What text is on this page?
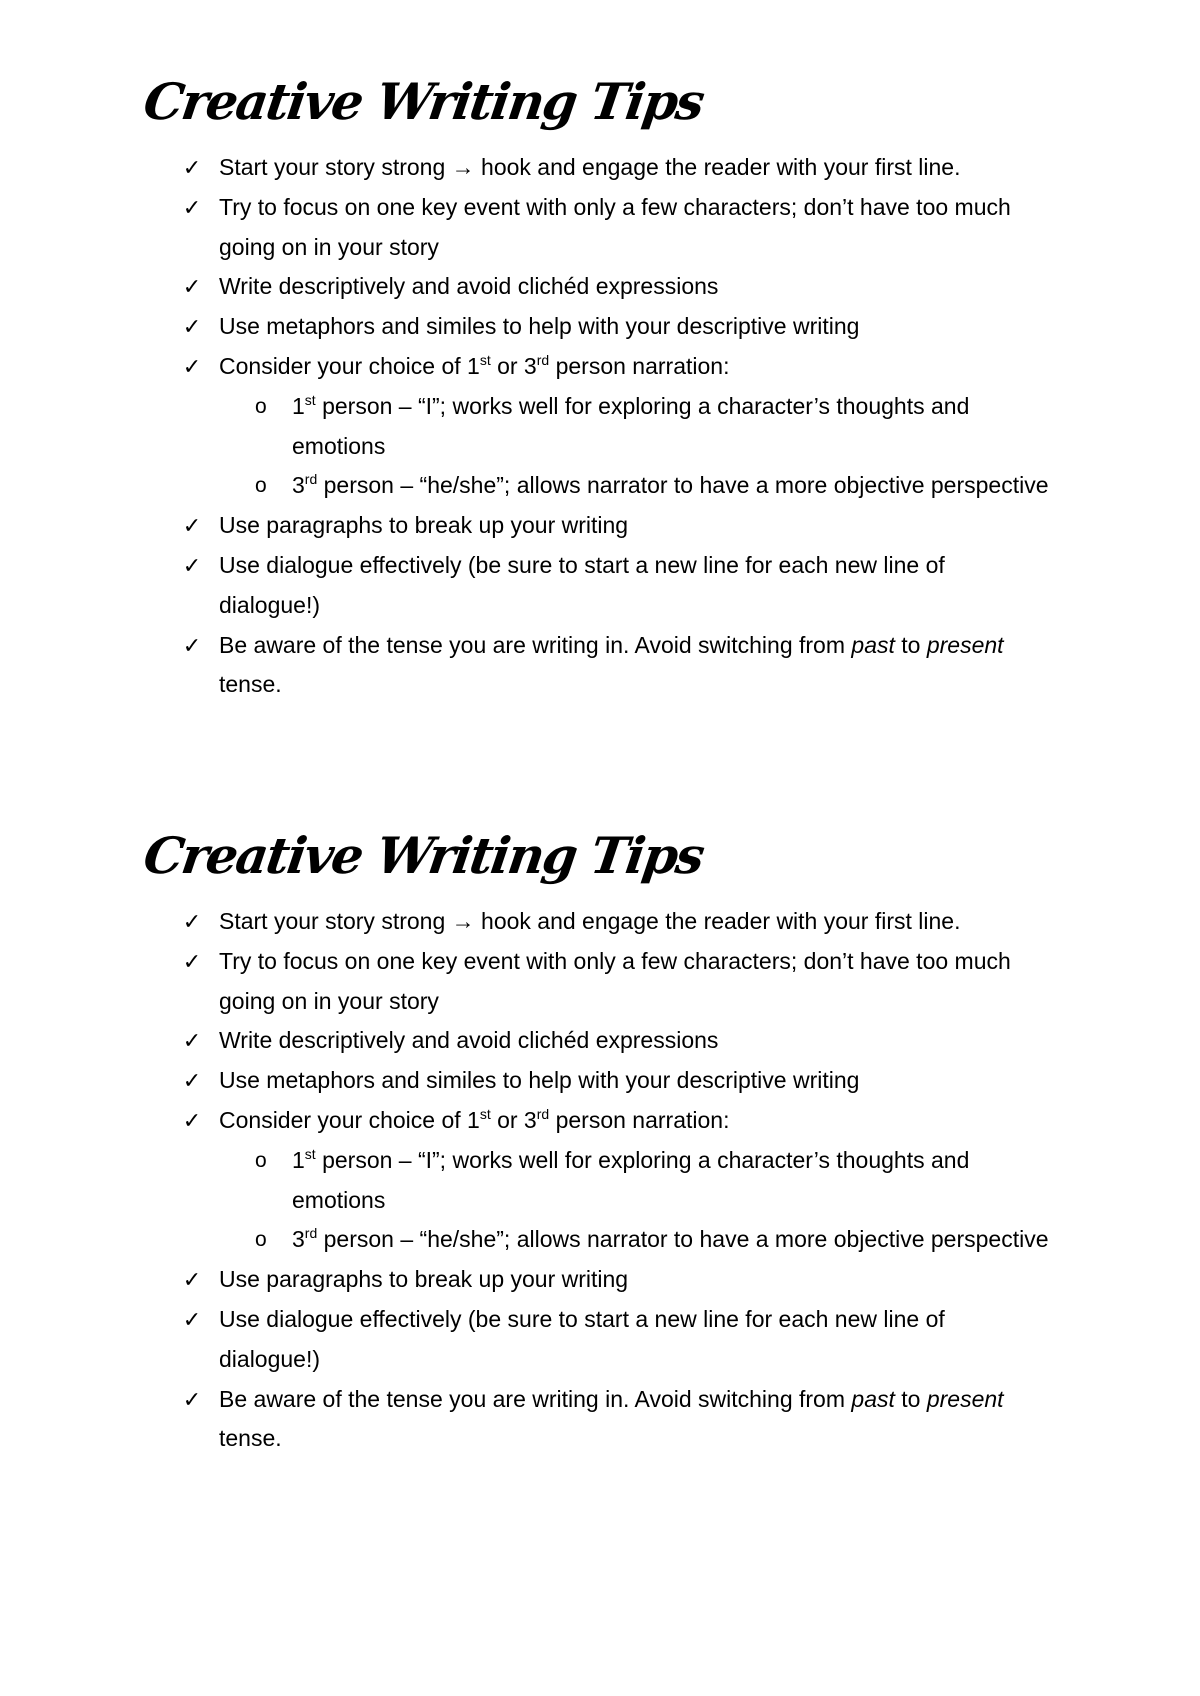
Creative Writing Tips
✓ Start your story strong → hook and engage the reader with your first line.
✓ Try to focus on one key event with only a few characters; don’t have too much going on in your story
✓ Write descriptively and avoid clichéd expressions
✓ Use metaphors and similes to help with your descriptive writing
✓ Consider your choice of 1st or 3rd person narration:
o 1st person – “I”; works well for exploring a character’s thoughts and emotions
o 3rd person – “he/she”; allows narrator to have a more objective perspective
✓ Use paragraphs to break up your writing
✓ Use dialogue effectively (be sure to start a new line for each new line of dialogue!)
✓ Be aware of the tense you are writing in. Avoid switching from past to present tense.
Creative Writing Tips
✓ Start your story strong → hook and engage the reader with your first line.
✓ Try to focus on one key event with only a few characters; don’t have too much going on in your story
✓ Write descriptively and avoid clichéd expressions
✓ Use metaphors and similes to help with your descriptive writing
✓ Consider your choice of 1st or 3rd person narration:
o 1st person – “I”; works well for exploring a character’s thoughts and emotions
o 3rd person – “he/she”; allows narrator to have a more objective perspective
✓ Use paragraphs to break up your writing
✓ Use dialogue effectively (be sure to start a new line for each new line of dialogue!)
✓ Be aware of the tense you are writing in. Avoid switching from past to present tense.
